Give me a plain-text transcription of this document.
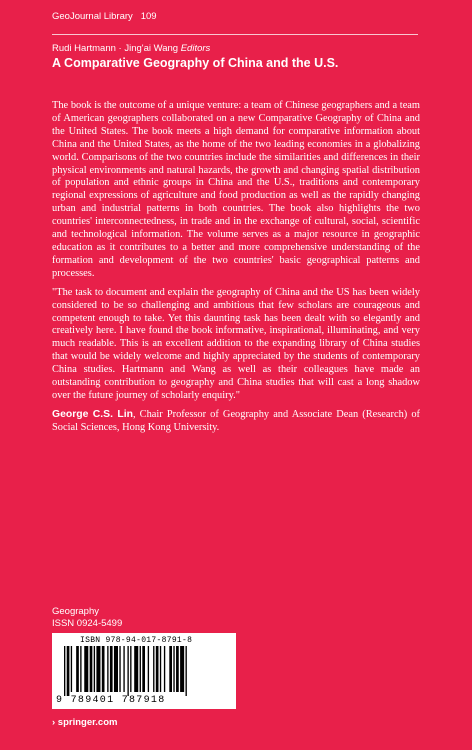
GeoJournal Library 109
Rudi Hartmann · Jing'ai Wang Editors
A Comparative Geography of China and the U.S.

The book is the outcome of a unique venture: a team of Chinese geographers and a team of American geographers collaborated on a new Comparative Geography of China and the United States. The book meets a high demand for comparative information about China and the United States, as the home of the two leading economies in a globalizing world. Comparisons of the two countries include the similarities and differences in their physical environments and natural hazards, the growth and changing spatial distribution of population and ethnic groups in China and the U.S., traditions and contemporary regional expressions of agriculture and food production as well as the rapidly changing urban and industrial patterns in both countries. The book also highlights the two countries' interconnectedness, in trade and in the exchange of cultural, social, scientific and technological information. The volume serves as a major resource in geographic education as it contributes to a better and more comprehensive understanding of the formation and development of the two countries' basic geographical patterns and processes.

"The task to document and explain the geography of China and the US has been widely considered to be so challenging and ambitious that few scholars are courageous and competent enough to take. Yet this daunting task has been dealt with so elegantly and creatively here. I have found the book informative, inspirational, illuminating, and very much readable. This is an excellent addition to the expanding library of China studies that would be widely welcome and highly appreciated by the students of contemporary China studies. Hartmann and Wang as well as their colleagues have made an outstanding contribution to geography and China studies that will cast a long shadow over the future journey of scholarly enquiry."

George C.S. Lin, Chair Professor of Geography and Associate Dean (Research) of Social Sciences, Hong Kong University.

Geography
ISSN 0924-5499
ISBN 978-94-017-8791-8
9 789401 787918
› springer.com
